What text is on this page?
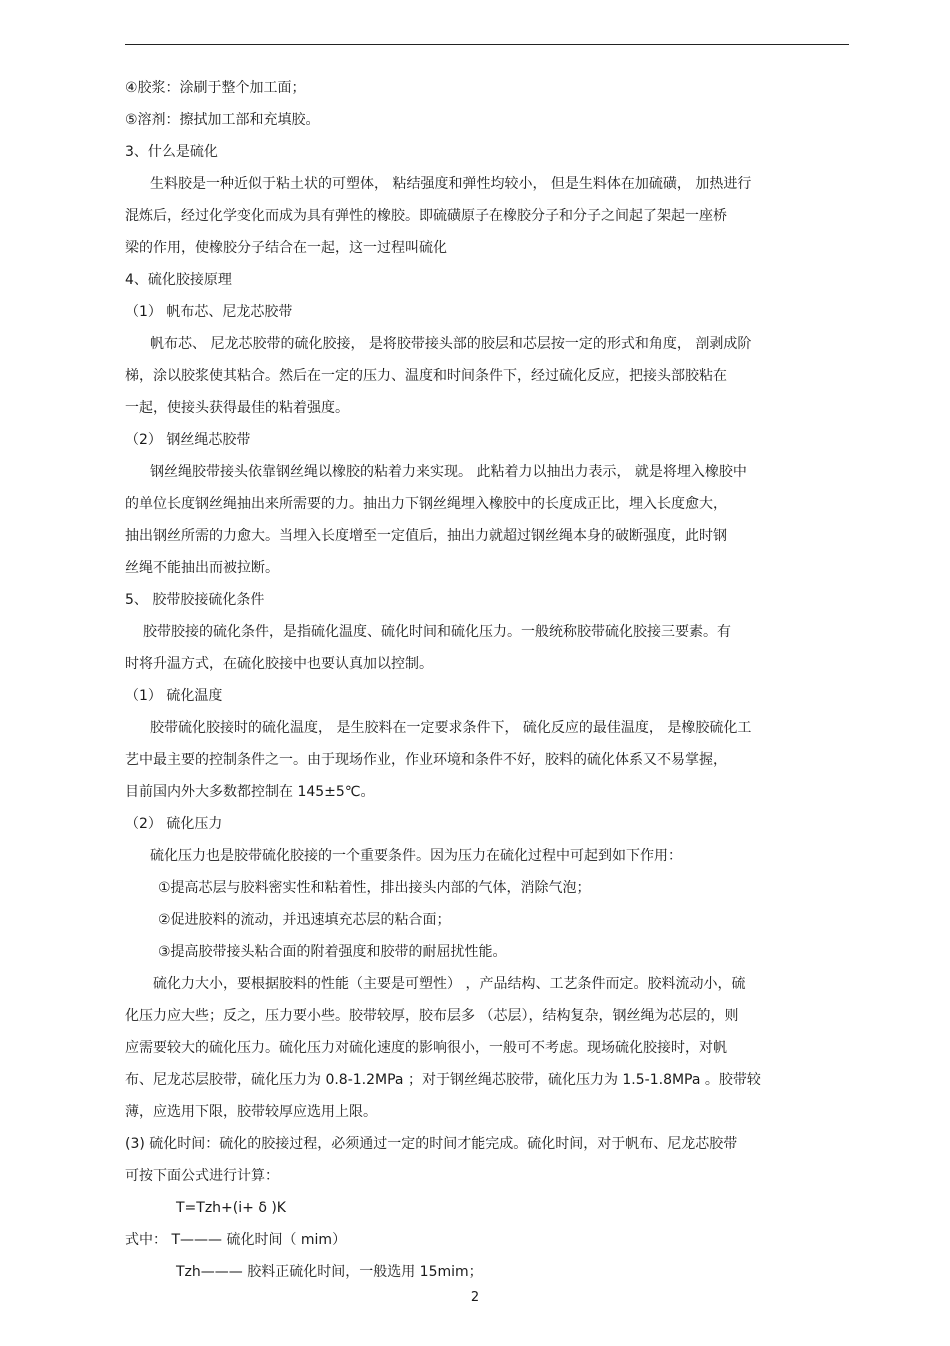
④胶浆：涂刷于整个加工面；
⑤溶剂：擦拭加工部和充填胶。
3、什么是硫化
生料胶是一种近似于粘土状的可塑体， 粘结强度和弹性均较小， 但是生料体在加硫磺， 加热进行
混炼后，经过化学变化而成为具有弹性的橡胶。即硫磺原子在橡胶分子和分子之间起了架起一座桥
梁的作用，使橡胶分子结合在一起，这一过程叫硫化
4、硫化胶接原理
（1） 帆布芯、尼龙芯胶带
帆布芯、 尼龙芯胶带的硫化胶接， 是将胶带接头部的胶层和芯层按一定的形式和角度， 剖剥成阶
梯，涂以胶浆使其粘合。然后在一定的压力、温度和时间条件下，经过硫化反应，把接头部胶粘在
一起，使接头获得最佳的粘着强度。
（2） 钢丝绳芯胶带
钢丝绳胶带接头依靠钢丝绳以橡胶的粘着力来实现。 此粘着力以抽出力表示， 就是将埋入橡胶中
的单位长度钢丝绳抽出来所需要的力。抽出力下钢丝绳埋入橡胶中的长度成正比，埋入长度愈大，
抽出钢丝所需的力愈大。当埋入长度增至一定值后，抽出力就超过钢丝绳本身的破断强度，此时钢
丝绳不能抽出而被拉断。
5、 胶带胶接硫化条件
胶带胶接的硫化条件，是指硫化温度、硫化时间和硫化压力。一般统称胶带硫化胶接三要素。有
时将升温方式，在硫化胶接中也要认真加以控制。
（1） 硫化温度
胶带硫化胶接时的硫化温度， 是生胶料在一定要求条件下， 硫化反应的最佳温度， 是橡胶硫化工
艺中最主要的控制条件之一。由于现场作业，作业环境和条件不好，胶料的硫化体系又不易掌握，
目前国内外大多数都控制在 145±5℃。
（2） 硫化压力
硫化压力也是胶带硫化胶接的一个重要条件。因为压力在硫化过程中可起到如下作用：
①提高芯层与胶料密实性和粘着性，排出接头内部的气体，消除气泡；
②促进胶料的流动，并迅速填充芯层的粘合面；
③提高胶带接头粘合面的附着强度和胶带的耐屈扰性能。
硫化力大小，要根据胶料的性能（主要是可塑性） ，产品结构、工艺条件而定。胶料流动小，硫
化压力应大些；反之，压力要小些。胶带较厚，胶布层多 （芯层），结构复杂，钢丝绳为芯层的，则
应需要较大的硫化压力。硫化压力对硫化速度的影响很小，一般可不考虑。现场硫化胶接时，对帆
布、尼龙芯层胶带，硫化压力为 0.8-1.2MPa ；对于钢丝绳芯胶带，硫化压力为 1.5-1.8MPa 。胶带较
薄，应选用下限，胶带较厚应选用上限。
(3) 硫化时间：硫化的胶接过程，必须通过一定的时间才能完成。硫化时间，对于帆布、尼龙芯胶带
可按下面公式进行计算：
T=Tzh+(i+ δ )K
式中： T——— 硫化时间（ mim）
Tzh——— 胶料正硫化时间，一般选用 15mim；
2
